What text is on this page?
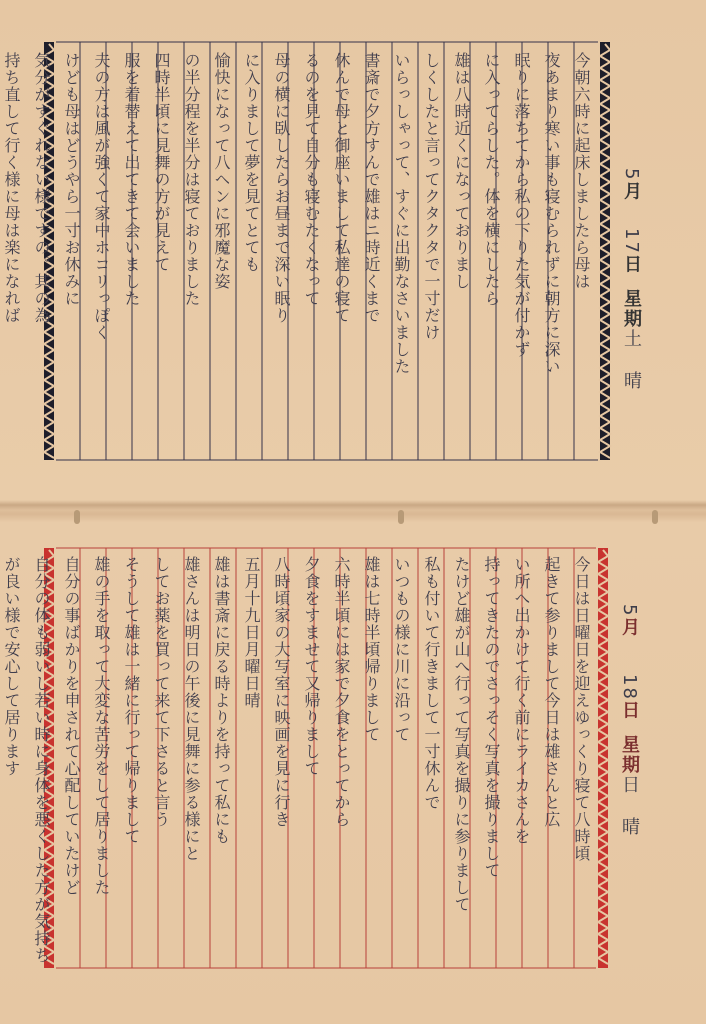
5月 17日 星期土 晴
今朝六時に起床しましたら母は
夜あまり寒い事も寝むられずに朝方に深い
眠りに落ちてから私の下りた気が付かず
に入ってらした。体を横にしたら
雄は八時近くになっておりまし
しくしたと言ってクタクタで一寸だけ
いらっしゃって、すぐに出勤なさいました
書斎で夕方すんで雄はニ時近くまで
休んで母と御座いまして私達の寝て
るのを見て自分も寝むたくなって
母の横に臥したらお昼まで深い眠り
に入りまして夢を見てとても
愉快になって八ヘンに邪魔な姿
の半分程を半分は寝ておりました
四時半頃に見舞の方が見えて
服を着替えて出てきて会いました
夫の方は風が強くて家中ホコリっぽく
けども母はどうやら一寸お休みに
気分がすぐれない様ですの。其の為
持ち直して行く様に母は楽になれば
5月 18日 星期日 晴
今日は日曜日を迎えゆっくり寝て八時頃
起きて参りまして今日は雄さんと広
い所へ出かけて行く前にライカさんを
持ってきたのでさっそく写真を撮りまして
たけど雄が山へ行って写真を撮りに参りまして
私も付いて行きまして一寸休んで
いつもの様に川に沿って
雄は七時半頃帰りまして
六時半頃には家で夕食をとってから
夕食をすませて又帰りまして
八時頃家の大写室に映画を見に行き
五月十九日月曜日晴
雄は書斎に戻る時よりを持って私にも
雄さんは明日の午後に見舞に参る様にと
してお薬を買って来て下さると言う
そうして雄は一緒に行って帰りまして
雄の手を取って大変な苦労をして居りました
自分の事ばかりを申されて心配していたけど
自分の体も弱いし若い時に身体を悪くした方が気持ち
が良い様で安心して居ります
